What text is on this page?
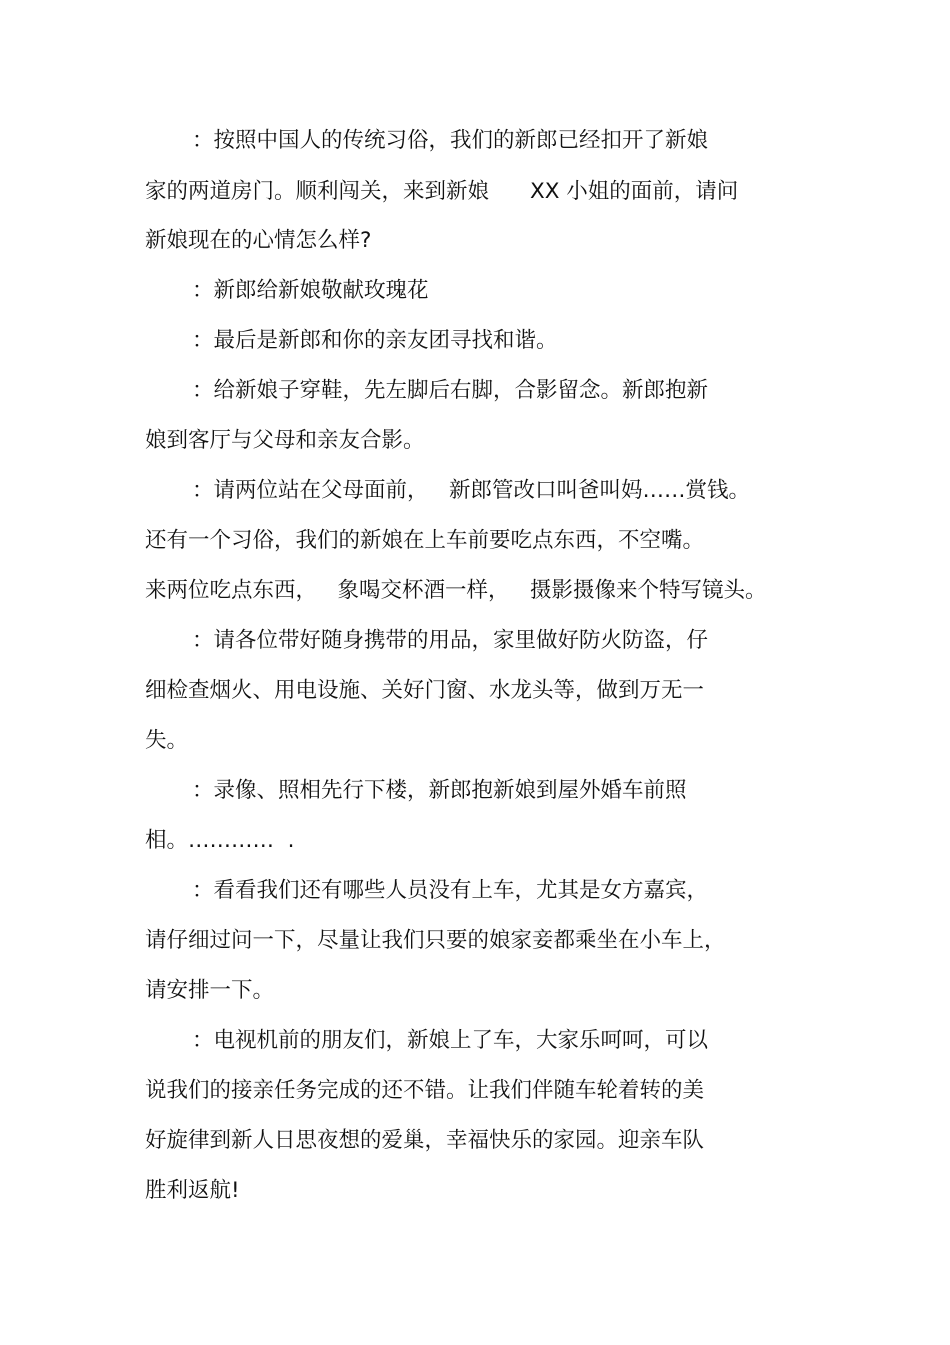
：按照中国人的传统习俗，我们的新郎已经扣开了新娘
家的两道房门。顺利闯关，来到新娘      XX 小姐的面前，请问
新娘现在的心情怎么样?
：新郎给新娘敬献玫瑰花
：最后是新郎和你的亲友团寻找和谐。
：给新娘子穿鞋，先左脚后右脚，合影留念。新郎抱新
娘到客厅与父母和亲友合影。
：请两位站在父母面前，   新郎管改口叫爸叫妈……赏钱。
还有一个习俗，我们的新娘在上车前要吃点东西，不空嘴。
来两位吃点东西，   象喝交杯酒一样，   摄影摄像来个特写镜头。
：请各位带好随身携带的用品，家里做好防火防盗，仔
细检查烟火、用电设施、关好门窗、水龙头等，做到万无一
失。
：录像、照相先行下楼，新郎抱新娘到屋外婚车前照
相。…………  .
：看看我们还有哪些人员没有上车，尤其是女方嘉宾，
请仔细过问一下，尽量让我们只要的娘家妾都乘坐在小车上，
请安排一下。
：电视机前的朋友们，新娘上了车，大家乐呵呵，可以
说我们的接亲任务完成的还不错。让我们伴随车轮着转的美
好旋律到新人日思夜想的爱巢，幸福快乐的家园。迎亲车队
胜利返航!
